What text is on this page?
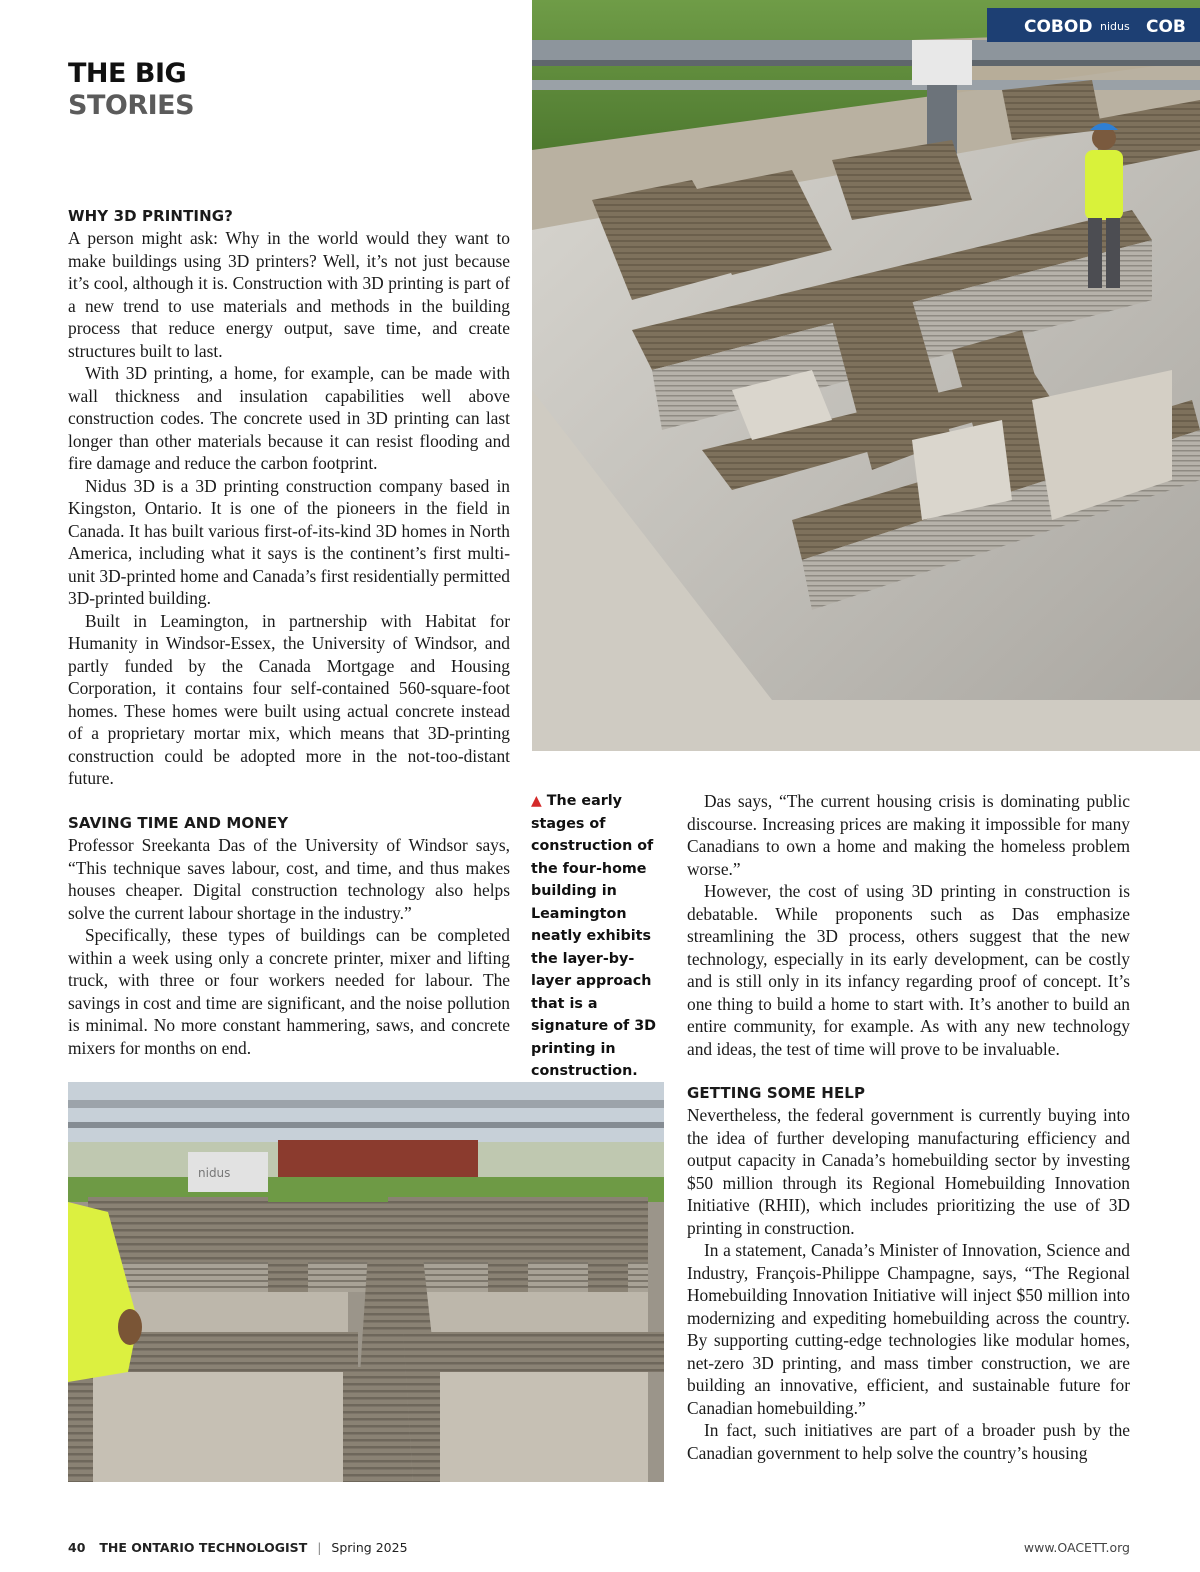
THE BIG
STORIES
WHY 3D PRINTING?

A person might ask: Why in the world would they want to make buildings using 3D printers? Well, it’s not just because it’s cool, although it is. Construction with 3D printing is part of a new trend to use materials and methods in the building process that reduce energy output, save time, and create structures built to last.

With 3D printing, a home, for example, can be made with wall thickness and insulation capabilities well above construction codes. The concrete used in 3D printing can last longer than other materials because it can resist flooding and fire damage and reduce the carbon footprint.

Nidus 3D is a 3D printing construction company based in Kingston, Ontario. It is one of the pioneers in the field in Canada. It has built various first-of-its-kind 3D homes in North America, including what it says is the continent’s first multi-unit 3D-printed home and Canada’s first residentially permitted 3D-printed building.

Built in Leamington, in partnership with Habitat for Humanity in Windsor-Essex, the University of Windsor, and partly funded by the Canada Mortgage and Housing Corporation, it contains four self-contained 560-square-foot homes. These homes were built using actual concrete instead of a proprietary mortar mix, which means that 3D-printing construction could be adopted more in the not-too-distant future.

SAVING TIME AND MONEY

Professor Sreekanta Das of the University of Windsor says, “This technique saves labour, cost, and time, and thus makes houses cheaper. Digital construction technology also helps solve the current labour shortage in the industry.”

Specifically, these types of buildings can be completed within a week using only a concrete printer, mixer and lifting truck, with three or four workers needed for labour. The savings in cost and time are significant, and the noise pollution is minimal. No more constant hammering, saws, and concrete mixers for months on end.

COBOD nidus COB
▲ The early stages of construction of the four-home building in Leamington neatly exhibits the layer-by-layer approach that is a signature of 3D printing in construction.

Das says, “The current housing crisis is dominating public discourse. Increasing prices are making it impossible for many Canadians to own a home and making the homeless problem worse.”

However, the cost of using 3D printing in construction is debatable. While proponents such as Das emphasize streamlining the 3D process, others suggest that the new technology, especially in its early development, can be costly and is still only in its infancy regarding proof of concept. It’s one thing to build a home to start with. It’s another to build an entire community, for example. As with any new technology and ideas, the test of time will prove to be invaluable.

GETTING SOME HELP

Nevertheless, the federal government is currently buying into the idea of further developing manufacturing efficiency and output capacity in Canada’s homebuilding sector by investing $50 million through its Regional Homebuilding Innovation Initiative (RHII), which includes prioritizing the use of 3D printing in construction.

In a statement, Canada’s Minister of Innovation, Science and Industry, François-Philippe Champagne, says, “The Regional Homebuilding Innovation Initiative will inject $50 million into modernizing and expediting homebuilding across the country. By supporting cutting-edge technologies like modular homes, net-zero 3D printing, and mass timber construction, we are building an innovative, efficient, and sustainable future for Canadian homebuilding.”

In fact, such initiatives are part of a broader push by the Canadian government to help solve the country’s housing

nidus
40 THE ONTARIO TECHNOLOGIST | Spring 2025	www.OACETT.org
